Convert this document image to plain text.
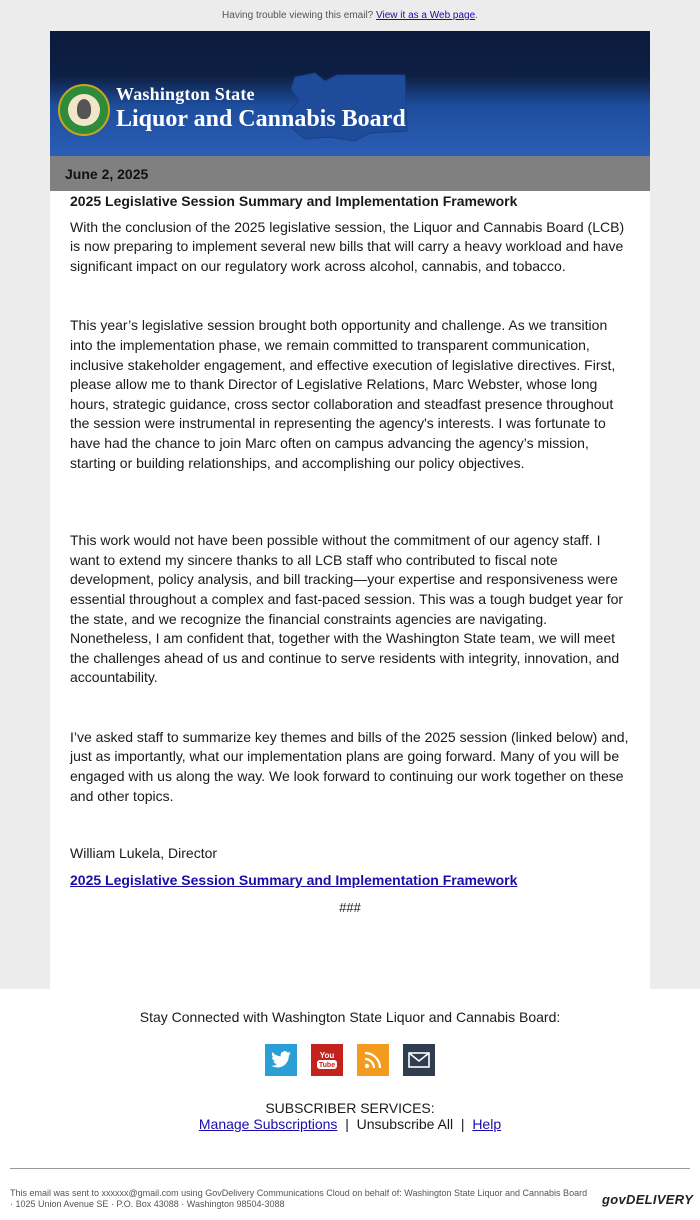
Having trouble viewing this email? View it as a Web page.
Washington State
Liquor and Cannabis Board
June 2, 2025
2025 Legislative Session Summary and Implementation Framework

With the conclusion of the 2025 legislative session, the Liquor and Cannabis Board (LCB) is now preparing to implement several new bills that will carry a heavy workload and have significant impact on our regulatory work across alcohol, cannabis, and tobacco.

This year’s legislative session brought both opportunity and challenge. As we transition into the implementation phase, we remain committed to transparent communication, inclusive stakeholder engagement, and effective execution of legislative directives. First, please allow me to thank Director of Legislative Relations, Marc Webster, whose long hours, strategic guidance, cross sector collaboration and steadfast presence throughout the session were instrumental in representing the agency's interests. I was fortunate to have had the chance to join Marc often on campus advancing the agency’s mission, starting or building relationships, and accomplishing our policy objectives.

This work would not have been possible without the commitment of our agency staff. I want to extend my sincere thanks to all LCB staff who contributed to fiscal note development, policy analysis, and bill tracking—your expertise and responsiveness were essential throughout a complex and fast-paced session. This was a tough budget year for the state, and we recognize the financial constraints agencies are navigating. Nonetheless, I am confident that, together with the Washington State team, we will meet the challenges ahead of us and continue to serve residents with integrity, innovation, and accountability.

I’ve asked staff to summarize key themes and bills of the 2025 session (linked below) and, just as importantly, what our implementation plans are going forward. Many of you will be engaged with us along the way. We look forward to continuing our work together on these and other topics.

William Lukela, Director

2025 Legislative Session Summary and Implementation Framework
###
Stay Connected with Washington State Liquor and Cannabis Board:
You
Tube
SUBSCRIBER SERVICES:
Manage Subscriptions | Unsubscribe All | Help
This email was sent to xxxxxx@gmail.com using GovDelivery Communications Cloud on behalf of: Washington State Liquor and Cannabis Board · 1025 Union Avenue SE · P.O. Box 43088 · Washington 98504-3088	govDELIVERY
